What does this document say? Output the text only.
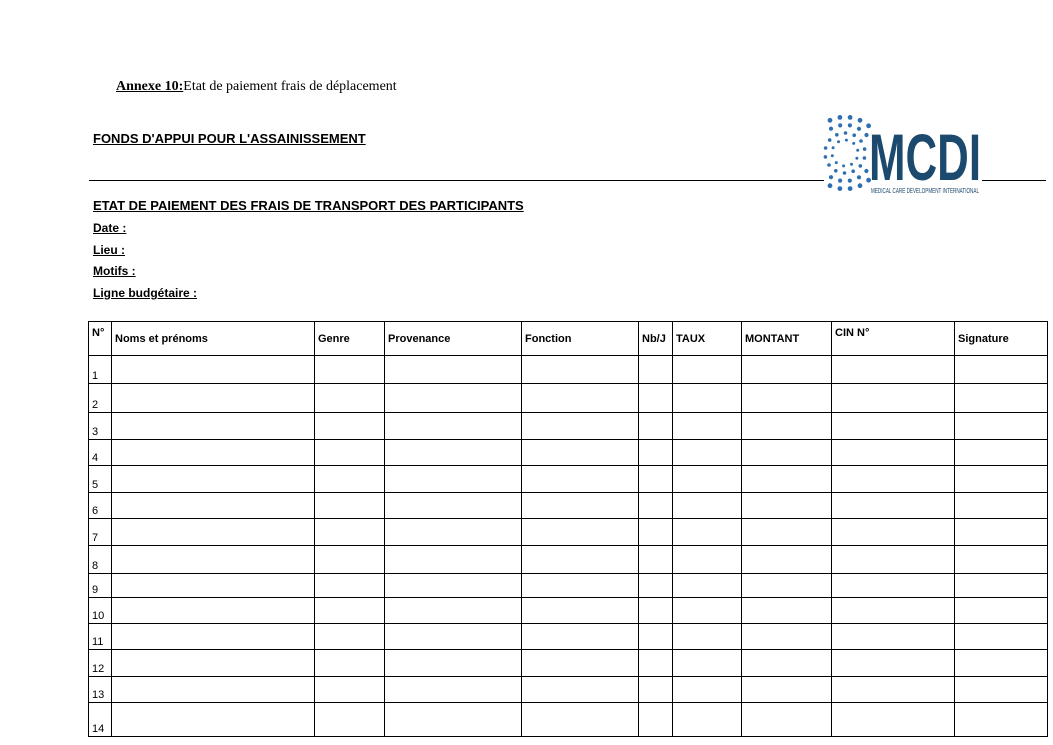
Annexe 10:Etat de paiement frais de déplacement
FONDS D'APPUI POUR L'ASSAINISSEMENT	MCDI
MEDICAL CARE DEVELOPMENT INTERNATIONAL
ETAT DE PAIEMENT DES FRAIS DE TRANSPORT DES PARTICIPANTS
Date :
Lieu :
Motifs :
Ligne budgétaire :
N°	Noms et prénoms	Genre	Provenance	Fonction	Nb/J	TAUX	MONTANT	CIN N°	Signature
1									
2									
3									
4									
5									
6									
7									
8									
9									
10									
11									
12									
13									
14									
